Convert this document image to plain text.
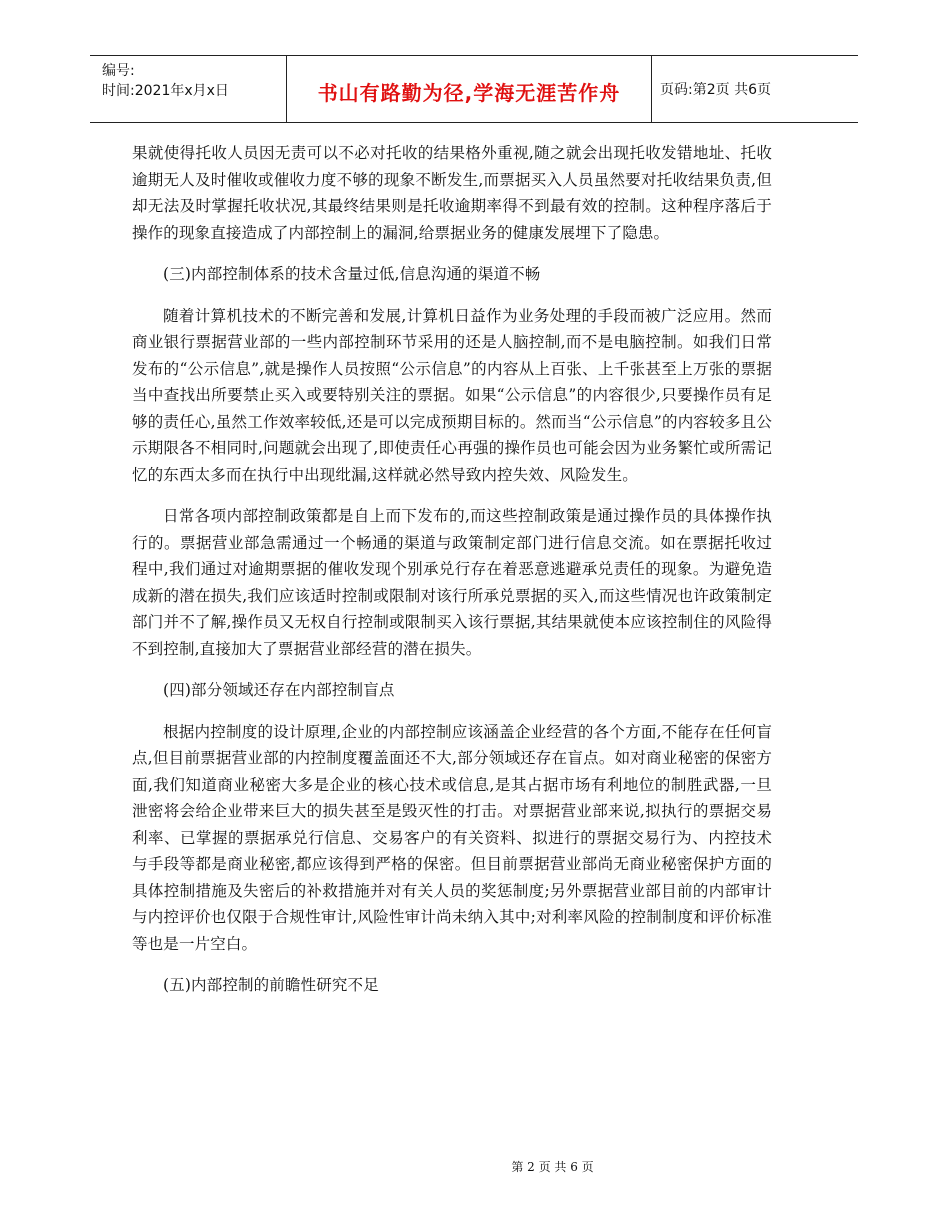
编号:
时间:2021年x月x日	书山有路勤为径,学海无涯苦作舟	页码:第2页 共6页

果就使得托收人员因无责可以不必对托收的结果格外重视,随之就会出现托收发错地址、托收逾期无人及时催收或催收力度不够的现象不断发生,而票据买入人员虽然要对托收结果负责,但却无法及时掌握托收状况,其最终结果则是托收逾期率得不到最有效的控制。这种程序落后于操作的现象直接造成了内部控制上的漏洞,给票据业务的健康发展埋下了隐患。

(三)内部控制体系的技术含量过低,信息沟通的渠道不畅

随着计算机技术的不断完善和发展,计算机日益作为业务处理的手段而被广泛应用。然而商业银行票据营业部的一些内部控制环节采用的还是人脑控制,而不是电脑控制。如我们日常发布的“公示信息”,就是操作人员按照“公示信息”的内容从上百张、上千张甚至上万张的票据当中查找出所要禁止买入或要特别关注的票据。如果“公示信息”的内容很少,只要操作员有足够的责任心,虽然工作效率较低,还是可以完成预期目标的。然而当“公示信息”的内容较多且公示期限各不相同时,问题就会出现了,即使责任心再强的操作员也可能会因为业务繁忙或所需记忆的东西太多而在执行中出现纰漏,这样就必然导致内控失效、风险发生。

日常各项内部控制政策都是自上而下发布的,而这些控制政策是通过操作员的具体操作执行的。票据营业部急需通过一个畅通的渠道与政策制定部门进行信息交流。如在票据托收过程中,我们通过对逾期票据的催收发现个别承兑行存在着恶意逃避承兑责任的现象。为避免造成新的潜在损失,我们应该适时控制或限制对该行所承兑票据的买入,而这些情况也许政策制定部门并不了解,操作员又无权自行控制或限制买入该行票据,其结果就使本应该控制住的风险得不到控制,直接加大了票据营业部经营的潜在损失。

(四)部分领域还存在内部控制盲点

根据内控制度的设计原理,企业的内部控制应该涵盖企业经营的各个方面,不能存在任何盲点,但目前票据营业部的内控制度覆盖面还不大,部分领域还存在盲点。如对商业秘密的保密方面,我们知道商业秘密大多是企业的核心技术或信息,是其占据市场有利地位的制胜武器,一旦泄密将会给企业带来巨大的损失甚至是毁灭性的打击。对票据营业部来说,拟执行的票据交易利率、已掌握的票据承兑行信息、交易客户的有关资料、拟进行的票据交易行为、内控技术与手段等都是商业秘密,都应该得到严格的保密。但目前票据营业部尚无商业秘密保护方面的具体控制措施及失密后的补救措施并对有关人员的奖惩制度;另外票据营业部目前的内部审计与内控评价也仅限于合规性审计,风险性审计尚未纳入其中;对利率风险的控制制度和评价标准等也是一片空白。

(五)内部控制的前瞻性研究不足

第 2 页 共 6 页
